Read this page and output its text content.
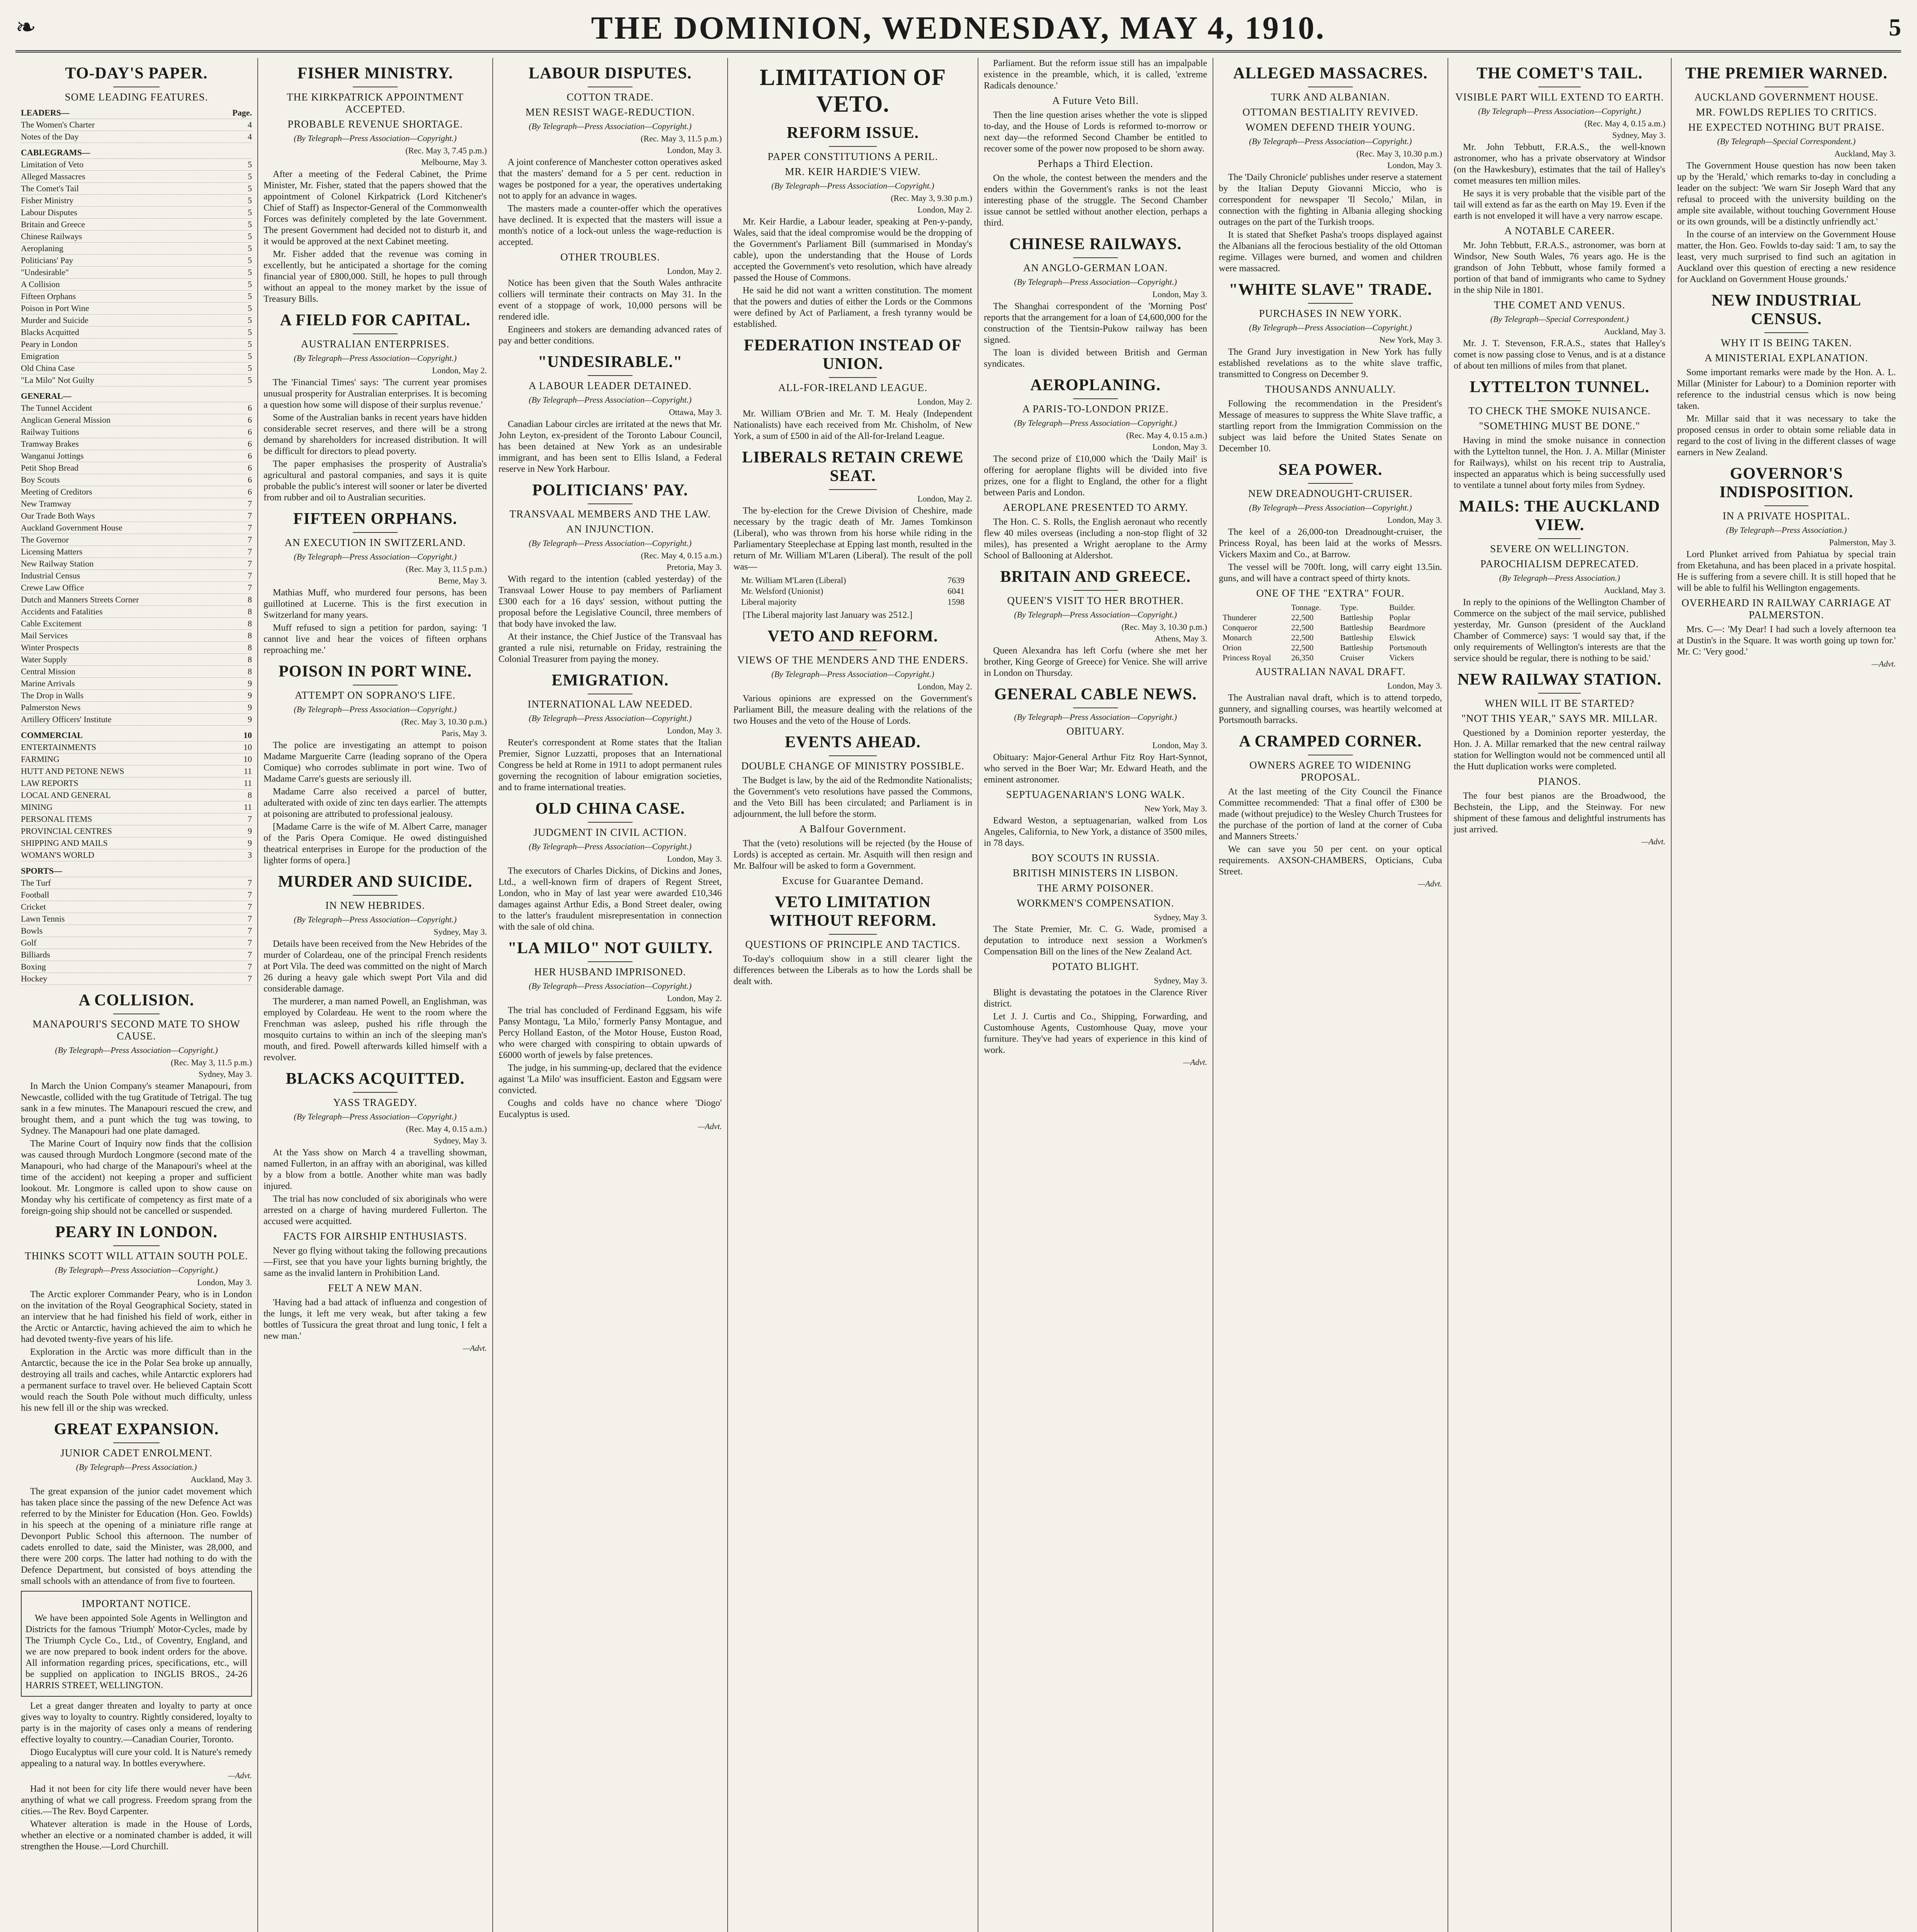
❧	THE DOMINION, WEDNESDAY, MAY 4, 1910.	5
TO-DAY'S PAPER.
SOME LEADING FEATURES.
LEADERS—	Page.
The Women's Charter	4
Notes of the Day	4
CABLEGRAMS—
Limitation of Veto	5
Alleged Massacres	5
The Comet's Tail	5
Fisher Ministry	5
Labour Disputes	5
Britain and Greece	5
Chinese Railways	5
Aeroplaning	5
Politicians' Pay	5
"Undesirable"	5
A Collision	5
Fifteen Orphans	5
Poison in Port Wine	5
Murder and Suicide	5
Blacks Acquitted	5
Peary in London	5
Emigration	5
Old China Case	5
"La Milo" Not Guilty	5
GENERAL—
The Tunnel Accident	6
Anglican General Mission	6
Railway Tuitions	6
Tramway Brakes	6
Wanganui Jottings	6
Petit Shop Bread	6
Boy Scouts	6
Meeting of Creditors	6
New Tramway	7
Our Trade Both Ways	7
Auckland Government House	7
The Governor	7
Licensing Matters	7
New Railway Station	7
Industrial Census	7
Crewe Law Office	7
Dutch and Manners Streets Corner	8
Accidents and Fatalities	8
Cable Excitement	8
Mail Services	8
Winter Prospects	8
Water Supply	8
Central Mission	8
Marine Arrivals	9
The Drop in Walls	9
Palmerston News	9
Artillery Officers' Institute	9
COMMERCIAL	10
ENTERTAINMENTS	10
FARMING	10
HUTT AND PETONE NEWS	11
LAW REPORTS	11
LOCAL AND GENERAL	8
MINING	11
PERSONAL ITEMS	7
PROVINCIAL CENTRES	9
SHIPPING AND MAILS	9
WOMAN'S WORLD	3
SPORTS—
The Turf	7
Football	7
Cricket	7
Lawn Tennis	7
Bowls	7
Golf	7
Billiards	7
Boxing	7
Hockey	7
A COLLISION.
MANAPOURI'S SECOND MATE TO SHOW CAUSE.
(By Telegraph—Press Association—Copyright.)
(Rec. May 3, 11.5 p.m.)
Sydney, May 3.

In March the Union Company's steamer Manapouri, from Newcastle, collided with the tug Gratitude of Tetrigal. The tug sank in a few minutes. The Manapouri rescued the crew, and brought them, and a punt which the tug was towing, to Sydney. The Manapouri had one plate damaged.

The Marine Court of Inquiry now finds that the collision was caused through Murdoch Longmore (second mate of the Manapouri, who had charge of the Manapouri's wheel at the time of the accident) not keeping a proper and sufficient lookout. Mr. Longmore is called upon to show cause on Monday why his certificate of competency as first mate of a foreign-going ship should not be cancelled or suspended.

PEARY IN LONDON.
THINKS SCOTT WILL ATTAIN SOUTH POLE.
(By Telegraph—Press Association—Copyright.)
London, May 3.

The Arctic explorer Commander Peary, who is in London on the invitation of the Royal Geographical Society, stated in an interview that he had finished his field of work, either in the Arctic or Antarctic, having achieved the aim to which he had devoted twenty-five years of his life.

Exploration in the Arctic was more difficult than in the Antarctic, because the ice in the Polar Sea broke up annually, destroying all trails and caches, while Antarctic explorers had a permanent surface to travel over. He believed Captain Scott would reach the South Pole without much difficulty, unless his new fell ill or the ship was wrecked.

GREAT EXPANSION.
JUNIOR CADET ENROLMENT.
(By Telegraph—Press Association.)
Auckland, May 3.

The great expansion of the junior cadet movement which has taken place since the passing of the new Defence Act was referred to by the Minister for Education (Hon. Geo. Fowlds) in his speech at the opening of a miniature rifle range at Devonport Public School this afternoon. The number of cadets enrolled to date, said the Minister, was 28,000, and there were 200 corps. The latter had nothing to do with the Defence Department, but consisted of boys attending the small schools with an attendance of from five to fourteen.

IMPORTANT NOTICE.

We have been appointed Sole Agents in Wellington and Districts for the famous 'Triumph' Motor-Cycles, made by The Triumph Cycle Co., Ltd., of Coventry, England, and we are now prepared to book indent orders for the above. All information regarding prices, specifications, etc., will be supplied on application to INGLIS BROS., 24-26 HARRIS STREET, WELLINGTON.

Let a great danger threaten and loyalty to party at once gives way to loyalty to country. Rightly considered, loyalty to party is in the majority of cases only a means of rendering effective loyalty to country.—Canadian Courier, Toronto.

Diogo Eucalyptus will cure your cold. It is Nature's remedy appealing to a natural way. In bottles everywhere.

—Advt.

Had it not been for city life there would never have been anything of what we call progress. Freedom sprang from the cities.—The Rev. Boyd Carpenter.

Whatever alteration is made in the House of Lords, whether an elective or a nominated chamber is added, it will strengthen the House.—Lord Churchill.

FISHER MINISTRY.
THE KIRKPATRICK APPOINTMENT ACCEPTED.
PROBABLE REVENUE SHORTAGE.
(By Telegraph—Press Association—Copyright.)
(Rec. May 3, 7.45 p.m.)
Melbourne, May 3.

After a meeting of the Federal Cabinet, the Prime Minister, Mr. Fisher, stated that the papers showed that the appointment of Colonel Kirkpatrick (Lord Kitchener's Chief of Staff) as Inspector-General of the Commonwealth Forces was definitely completed by the late Government. The present Government had decided not to disturb it, and it would be approved at the next Cabinet meeting.

Mr. Fisher added that the revenue was coming in excellently, but he anticipated a shortage for the coming financial year of £800,000. Still, he hopes to pull through without an appeal to the money market by the issue of Treasury Bills.

A FIELD FOR CAPITAL.
AUSTRALIAN ENTERPRISES.
(By Telegraph—Press Association—Copyright.)
London, May 2.

The 'Financial Times' says: 'The current year promises unusual prosperity for Australian enterprises. It is becoming a question how some will dispose of their surplus revenue.'

Some of the Australian banks in recent years have hidden considerable secret reserves, and there will be a strong demand by shareholders for increased distribution. It will be difficult for directors to plead poverty.

The paper emphasises the prosperity of Australia's agricultural and pastoral companies, and says it is quite probable the public's interest will sooner or later be diverted from rubber and oil to Australian securities.

FIFTEEN ORPHANS.
AN EXECUTION IN SWITZERLAND.
(By Telegraph—Press Association—Copyright.)
(Rec. May 3, 11.5 p.m.)
Berne, May 3.

Mathias Muff, who murdered four persons, has been guillotined at Lucerne. This is the first execution in Switzerland for many years.

Muff refused to sign a petition for pardon, saying: 'I cannot live and hear the voices of fifteen orphans reproaching me.'

POISON IN PORT WINE.
ATTEMPT ON SOPRANO'S LIFE.
(By Telegraph—Press Association—Copyright.)
(Rec. May 3, 10.30 p.m.)
Paris, May 3.

The police are investigating an attempt to poison Madame Marguerite Carre (leading soprano of the Opera Comique) who corrodes sublimate in port wine. Two of Madame Carre's guests are seriously ill.

Madame Carre also received a parcel of butter, adulterated with oxide of zinc ten days earlier. The attempts at poisoning are attributed to professional jealousy.

[Madame Carre is the wife of M. Albert Carre, manager of the Paris Opera Comique. He owed distinguished theatrical enterprises in Europe for the production of the lighter forms of opera.]

MURDER AND SUICIDE.
IN NEW HEBRIDES.
(By Telegraph—Press Association—Copyright.)
Sydney, May 3.

Details have been received from the New Hebrides of the murder of Colardeau, one of the principal French residents at Port Vila. The deed was committed on the night of March 26 during a heavy gale which swept Port Vila and did considerable damage.

The murderer, a man named Powell, an Englishman, was employed by Colardeau. He went to the room where the Frenchman was asleep, pushed his rifle through the mosquito curtains to within an inch of the sleeping man's mouth, and fired. Powell afterwards killed himself with a revolver.

BLACKS ACQUITTED.
YASS TRAGEDY.
(By Telegraph—Press Association—Copyright.)
(Rec. May 4, 0.15 a.m.)
Sydney, May 3.

At the Yass show on March 4 a travelling showman, named Fullerton, in an affray with an aboriginal, was killed by a blow from a bottle. Another white man was badly injured.

The trial has now concluded of six aboriginals who were arrested on a charge of having murdered Fullerton. The accused were acquitted.

FACTS FOR AIRSHIP ENTHUSIASTS.

Never go flying without taking the following precautions—First, see that you have your lights burning brightly, the same as the invalid lantern in Prohibition Land.

FELT A NEW MAN.

'Having had a bad attack of influenza and congestion of the lungs, it left me very weak, but after taking a few bottles of Tussicura the great throat and lung tonic, I felt a new man.'

—Advt.
LABOUR DISPUTES.
COTTON TRADE.
MEN RESIST WAGE-REDUCTION.
(By Telegraph—Press Association—Copyright.)
(Rec. May 3, 11.5 p.m.)
London, May 3.

A joint conference of Manchester cotton operatives asked that the masters' demand for a 5 per cent. reduction in wages be postponed for a year, the operatives undertaking not to apply for an advance in wages.

The masters made a counter-offer which the operatives have declined. It is expected that the masters will issue a month's notice of a lock-out unless the wage-reduction is accepted.

OTHER TROUBLES.
London, May 2.

Notice has been given that the South Wales anthracite colliers will terminate their contracts on May 31. In the event of a stoppage of work, 10,000 persons will be rendered idle.

Engineers and stokers are demanding advanced rates of pay and better conditions.

"UNDESIRABLE."
A LABOUR LEADER DETAINED.
(By Telegraph—Press Association—Copyright.)
Ottawa, May 3.

Canadian Labour circles are irritated at the news that Mr. John Leyton, ex-president of the Toronto Labour Council, has been detained at New York as an undesirable immigrant, and has been sent to Ellis Island, a Federal reserve in New York Harbour.

POLITICIANS' PAY.
TRANSVAAL MEMBERS AND THE LAW.
AN INJUNCTION.
(By Telegraph—Press Association—Copyright.)
(Rec. May 4, 0.15 a.m.)
Pretoria, May 3.

With regard to the intention (cabled yesterday) of the Transvaal Lower House to pay members of Parliament £300 each for a 16 days' session, without putting the proposal before the Legislative Council, three members of that body have invoked the law.

At their instance, the Chief Justice of the Transvaal has granted a rule nisi, returnable on Friday, restraining the Colonial Treasurer from paying the money.

EMIGRATION.
INTERNATIONAL LAW NEEDED.
(By Telegraph—Press Association—Copyright.)
London, May 3.

Reuter's correspondent at Rome states that the Italian Premier, Signor Luzzatti, proposes that an International Congress be held at Rome in 1911 to adopt permanent rules governing the recognition of labour emigration societies, and to frame international treaties.

OLD CHINA CASE.
JUDGMENT IN CIVIL ACTION.
(By Telegraph—Press Association—Copyright.)
London, May 3.

The executors of Charles Dickins, of Dickins and Jones, Ltd., a well-known firm of drapers of Regent Street, London, who in May of last year were awarded £10,346 damages against Arthur Edis, a Bond Street dealer, owing to the latter's fraudulent misrepresentation in connection with the sale of old china.

"LA MILO" NOT GUILTY.
HER HUSBAND IMPRISONED.
(By Telegraph—Press Association—Copyright.)
London, May 2.

The trial has concluded of Ferdinand Eggsam, his wife Pansy Montagu, 'La Milo,' formerly Pansy Montague, and Percy Holland Easton, of the Motor House, Euston Road, who were charged with conspiring to obtain upwards of £6000 worth of jewels by false pretences.

The judge, in his summing-up, declared that the evidence against 'La Milo' was insufficient. Easton and Eggsam were convicted.

Coughs and colds have no chance where 'Diogo' Eucalyptus is used.

—Advt.
LIMITATION OF VETO.
REFORM ISSUE.
PAPER CONSTITUTIONS A PERIL.
MR. KEIR HARDIE'S VIEW.
(By Telegraph—Press Association—Copyright.)
(Rec. May 3, 9.30 p.m.)
London, May 2.

Mr. Keir Hardie, a Labour leader, speaking at Pen-y-pandy, Wales, said that the ideal compromise would be the dropping of the Government's Parliament Bill (summarised in Monday's cable), upon the understanding that the House of Lords accepted the Government's veto resolution, which have already passed the House of Commons.

He said he did not want a written constitution. The moment that the powers and duties of either the Lords or the Commons were defined by Act of Parliament, a fresh tyranny would be established.

FEDERATION INSTEAD OF UNION.
ALL-FOR-IRELAND LEAGUE.
London, May 2.

Mr. William O'Brien and Mr. T. M. Healy (Independent Nationalists) have each received from Mr. Chisholm, of New York, a sum of £500 in aid of the All-for-Ireland League.

LIBERALS RETAIN CREWE SEAT.
London, May 2.

The by-election for the Crewe Division of Cheshire, made necessary by the tragic death of Mr. James Tomkinson (Liberal), who was thrown from his horse while riding in the Parliamentary Steeplechase at Epping last month, resulted in the return of Mr. William M'Laren (Liberal). The result of the poll was—

Mr. William M'Laren (Liberal)	7639
Mr. Welsford (Unionist)	6041
Liberal majority	1598

[The Liberal majority last January was 2512.]

VETO AND REFORM.
VIEWS OF THE MENDERS AND THE ENDERS.
(By Telegraph—Press Association—Copyright.)
London, May 2.

Various opinions are expressed on the Government's Parliament Bill, the measure dealing with the relations of the two Houses and the veto of the House of Lords.

EVENTS AHEAD.
DOUBLE CHANGE OF MINISTRY POSSIBLE.

The Budget is law, by the aid of the Redmondite Nationalists; the Government's veto resolutions have passed the Commons, and the Veto Bill has been circulated; and Parliament is in adjournment, the lull before the storm.

A Balfour Government.

That the (veto) resolutions will be rejected (by the House of Lords) is accepted as certain. Mr. Asquith will then resign and Mr. Balfour will be asked to form a Government.

Excuse for Guarantee Demand.
VETO LIMITATION WITHOUT REFORM.
QUESTIONS OF PRINCIPLE AND TACTICS.

To-day's colloquium show in a still clearer light the differences between the Liberals as to how the Lords shall be dealt with.

Parliament. But the reform issue still has an impalpable existence in the preamble, which, it is called, 'extreme Radicals denounce.'

A Future Veto Bill.

Then the line question arises whether the vote is slipped to-day, and the House of Lords is reformed to-morrow or next day—the reformed Second Chamber be entitled to recover some of the power now proposed to be shorn away.

Perhaps a Third Election.

On the whole, the contest between the menders and the enders within the Government's ranks is not the least interesting phase of the struggle. The Second Chamber issue cannot be settled without another election, perhaps a third.

CHINESE RAILWAYS.
AN ANGLO-GERMAN LOAN.
(By Telegraph—Press Association—Copyright.)
London, May 3.

The Shanghai correspondent of the 'Morning Post' reports that the arrangement for a loan of £4,600,000 for the construction of the Tientsin-Pukow railway has been signed.

The loan is divided between British and German syndicates.

AEROPLANING.
A PARIS-TO-LONDON PRIZE.
(By Telegraph—Press Association—Copyright.)
(Rec. May 4, 0.15 a.m.)
London, May 3.

The second prize of £10,000 which the 'Daily Mail' is offering for aeroplane flights will be divided into five prizes, one for a flight to England, the other for a flight between Paris and London.

AEROPLANE PRESENTED TO ARMY.

The Hon. C. S. Rolls, the English aeronaut who recently flew 40 miles overseas (including a non-stop flight of 32 miles), has presented a Wright aeroplane to the Army School of Ballooning at Aldershot.

BRITAIN AND GREECE.
QUEEN'S VISIT TO HER BROTHER.
(By Telegraph—Press Association—Copyright.)
(Rec. May 3, 10.30 p.m.)
Athens, May 3.

Queen Alexandra has left Corfu (where she met her brother, King George of Greece) for Venice. She will arrive in London on Thursday.

GENERAL CABLE NEWS.
(By Telegraph—Press Association—Copyright.)
OBITUARY.
London, May 3.

Obituary: Major-General Arthur Fitz Roy Hart-Synnot, who served in the Boer War; Mr. Edward Heath, and the eminent astronomer.

SEPTUAGENARIAN'S LONG WALK.
New York, May 3.

Edward Weston, a septuagenarian, walked from Los Angeles, California, to New York, a distance of 3500 miles, in 78 days.

BOY SCOUTS IN RUSSIA.
BRITISH MINISTERS IN LISBON.
THE ARMY POISONER.
WORKMEN'S COMPENSATION.
Sydney, May 3.

The State Premier, Mr. C. G. Wade, promised a deputation to introduce next session a Workmen's Compensation Bill on the lines of the New Zealand Act.

POTATO BLIGHT.
Sydney, May 3.

Blight is devastating the potatoes in the Clarence River district.

Let J. J. Curtis and Co., Shipping, Forwarding, and Customhouse Agents, Customhouse Quay, move your furniture. They've had years of experience in this kind of work.

—Advt.
ALLEGED MASSACRES.
TURK AND ALBANIAN.
OTTOMAN BESTIALITY REVIVED.
WOMEN DEFEND THEIR YOUNG.
(By Telegraph—Press Association—Copyright.)
(Rec. May 3, 10.30 p.m.)
London, May 3.

The 'Daily Chronicle' publishes under reserve a statement by the Italian Deputy Giovanni Miccio, who is correspondent for newspaper 'Il Secolo,' Milan, in connection with the fighting in Albania alleging shocking outrages on the part of the Turkish troops.

It is stated that Shefket Pasha's troops displayed against the Albanians all the ferocious bestiality of the old Ottoman regime. Villages were burned, and women and children were massacred.

"WHITE SLAVE" TRADE.
PURCHASES IN NEW YORK.
(By Telegraph—Press Association—Copyright.)
New York, May 3.

The Grand Jury investigation in New York has fully established revelations as to the white slave traffic, transmitted to Congress on December 9.

THOUSANDS ANNUALLY.

Following the recommendation in the President's Message of measures to suppress the White Slave traffic, a startling report from the Immigration Commission on the subject was laid before the United States Senate on December 10.

SEA POWER.
NEW DREADNOUGHT-CRUISER.
(By Telegraph—Press Association—Copyright.)
London, May 3.

The keel of a 26,000-ton Dreadnought-cruiser, the Princess Royal, has been laid at the works of Messrs. Vickers Maxim and Co., at Barrow.

The vessel will be 700ft. long, will carry eight 13.5in. guns, and will have a contract speed of thirty knots.

ONE OF THE "EXTRA" FOUR.
Tonnage.	Type.	Builder.
Thunderer	22,500	Battleship	Poplar
Conqueror	22,500	Battleship	Beardmore
Monarch	22,500	Battleship	Elswick
Orion	22,500	Battleship	Portsmouth
Princess Royal	26,350	Cruiser	Vickers
AUSTRALIAN NAVAL DRAFT.
London, May 3.

The Australian naval draft, which is to attend torpedo, gunnery, and signalling courses, was heartily welcomed at Portsmouth barracks.

A CRAMPED CORNER.
OWNERS AGREE TO WIDENING PROPOSAL.

At the last meeting of the City Council the Finance Committee recommended: 'That a final offer of £300 be made (without prejudice) to the Wesley Church Trustees for the purchase of the portion of land at the corner of Cuba and Manners Streets.'

We can save you 50 per cent. on your optical requirements. AXSON-CHAMBERS, Opticians, Cuba Street.

—Advt.
THE COMET'S TAIL.
VISIBLE PART WILL EXTEND TO EARTH.
(By Telegraph—Press Association—Copyright.)
(Rec. May 4, 0.15 a.m.)
Sydney, May 3.

Mr. John Tebbutt, F.R.A.S., the well-known astronomer, who has a private observatory at Windsor (on the Hawkesbury), estimates that the tail of Halley's comet measures ten million miles.

He says it is very probable that the visible part of the tail will extend as far as the earth on May 19. Even if the earth is not enveloped it will have a very narrow escape.

A NOTABLE CAREER.

Mr. John Tebbutt, F.R.A.S., astronomer, was born at Windsor, New South Wales, 76 years ago. He is the grandson of John Tebbutt, whose family formed a portion of that band of immigrants who came to Sydney in the ship Nile in 1801.

THE COMET AND VENUS.
(By Telegraph—Special Correspondent.)
Auckland, May 3.

Mr. J. T. Stevenson, F.R.A.S., states that Halley's comet is now passing close to Venus, and is at a distance of about ten millions of miles from that planet.

LYTTELTON TUNNEL.
TO CHECK THE SMOKE NUISANCE.
"SOMETHING MUST BE DONE."

Having in mind the smoke nuisance in connection with the Lyttelton tunnel, the Hon. J. A. Millar (Minister for Railways), whilst on his recent trip to Australia, inspected an apparatus which is being successfully used to ventilate a tunnel about forty miles from Sydney.

MAILS: THE AUCKLAND VIEW.
SEVERE ON WELLINGTON.
PAROCHIALISM DEPRECATED.
(By Telegraph—Press Association.)
Auckland, May 3.

In reply to the opinions of the Wellington Chamber of Commerce on the subject of the mail service, published yesterday, Mr. Gunson (president of the Auckland Chamber of Commerce) says: 'I would say that, if the only requirements of Wellington's interests are that the service should be regular, there is nothing to be said.'

NEW RAILWAY STATION.
WHEN WILL IT BE STARTED?
"NOT THIS YEAR," SAYS MR. MILLAR.

Questioned by a Dominion reporter yesterday, the Hon. J. A. Millar remarked that the new central railway station for Wellington would not be commenced until all the Hutt duplication works were completed.

PIANOS.

The four best pianos are the Broadwood, the Bechstein, the Lipp, and the Steinway. For new shipment of these famous and delightful instruments has just arrived.

—Advt.
THE PREMIER WARNED.
AUCKLAND GOVERNMENT HOUSE.
MR. FOWLDS REPLIES TO CRITICS.
HE EXPECTED NOTHING BUT PRAISE.
(By Telegraph—Special Correspondent.)
Auckland, May 3.

The Government House question has now been taken up by the 'Herald,' which remarks to-day in concluding a leader on the subject: 'We warn Sir Joseph Ward that any refusal to proceed with the university building on the ample site available, without touching Government House or its own grounds, will be a distinctly unfriendly act.'

In the course of an interview on the Government House matter, the Hon. Geo. Fowlds to-day said: 'I am, to say the least, very much surprised to find such an agitation in Auckland over this question of erecting a new residence for Auckland on Government House grounds.'

NEW INDUSTRIAL CENSUS.
WHY IT IS BEING TAKEN.
A MINISTERIAL EXPLANATION.

Some important remarks were made by the Hon. A. L. Millar (Minister for Labour) to a Dominion reporter with reference to the industrial census which is now being taken.

Mr. Millar said that it was necessary to take the proposed census in order to obtain some reliable data in regard to the cost of living in the different classes of wage earners in New Zealand.

GOVERNOR'S INDISPOSITION.
IN A PRIVATE HOSPITAL.
(By Telegraph—Press Association.)
Palmerston, May 3.

Lord Plunket arrived from Pahiatua by special train from Eketahuna, and has been placed in a private hospital. He is suffering from a severe chill. It is still hoped that he will be able to fulfil his Wellington engagements.

OVERHEARD IN RAILWAY CARRIAGE AT PALMERSTON.

Mrs. C—: 'My Dear! I had such a lovely afternoon tea at Dustin's in the Square. It was worth going up town for.' Mr. C: 'Very good.'

—Advt.
